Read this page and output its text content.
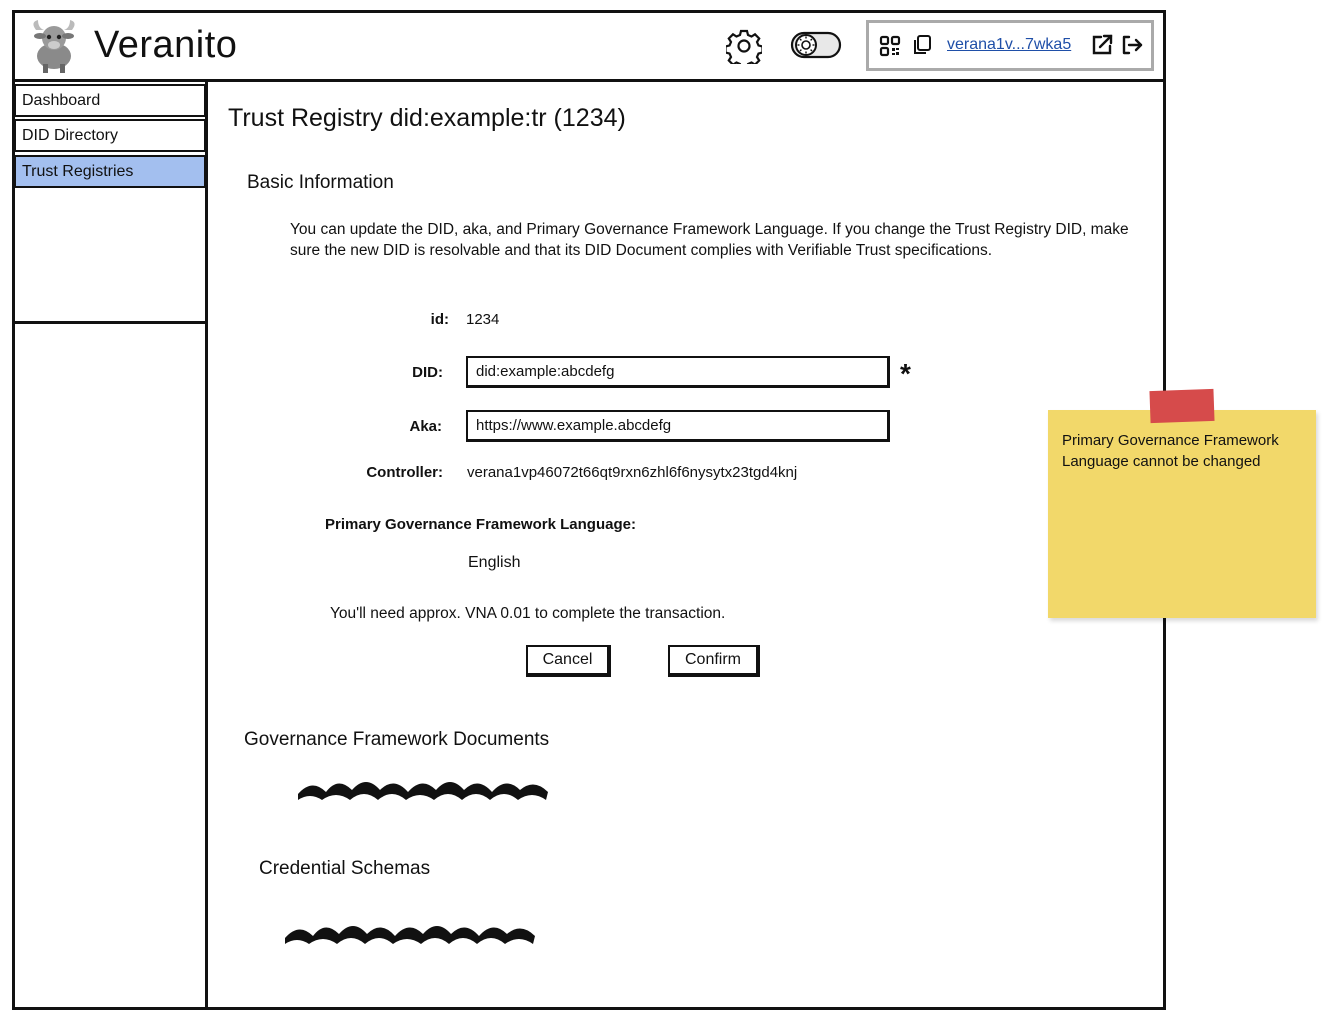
Veranito	verana1v...7wka5
Dashboard
DID Directory
Trust Registries
Trust Registry did:example:tr (1234)
Basic Information
You can update the DID, aka, and Primary Governance Framework Language. If you change the Trust Registry DID, make sure the new DID is resolvable and that its DID Document complies with Verifiable Trust specifications.
id: 1234
DID:
did:example:abcdefg	*
Aka:
https://www.example.abcdefg
Controller: verana1vp46072t66qt9rxn6zhl6f6nysytx23tgd4knj
Primary Governance Framework Language:
English
You'll need approx. VNA 0.01 to complete the transaction.
Cancel	Confirm
Governance Framework Documents
Credential Schemas
Primary Governance Framework Language cannot be changed
